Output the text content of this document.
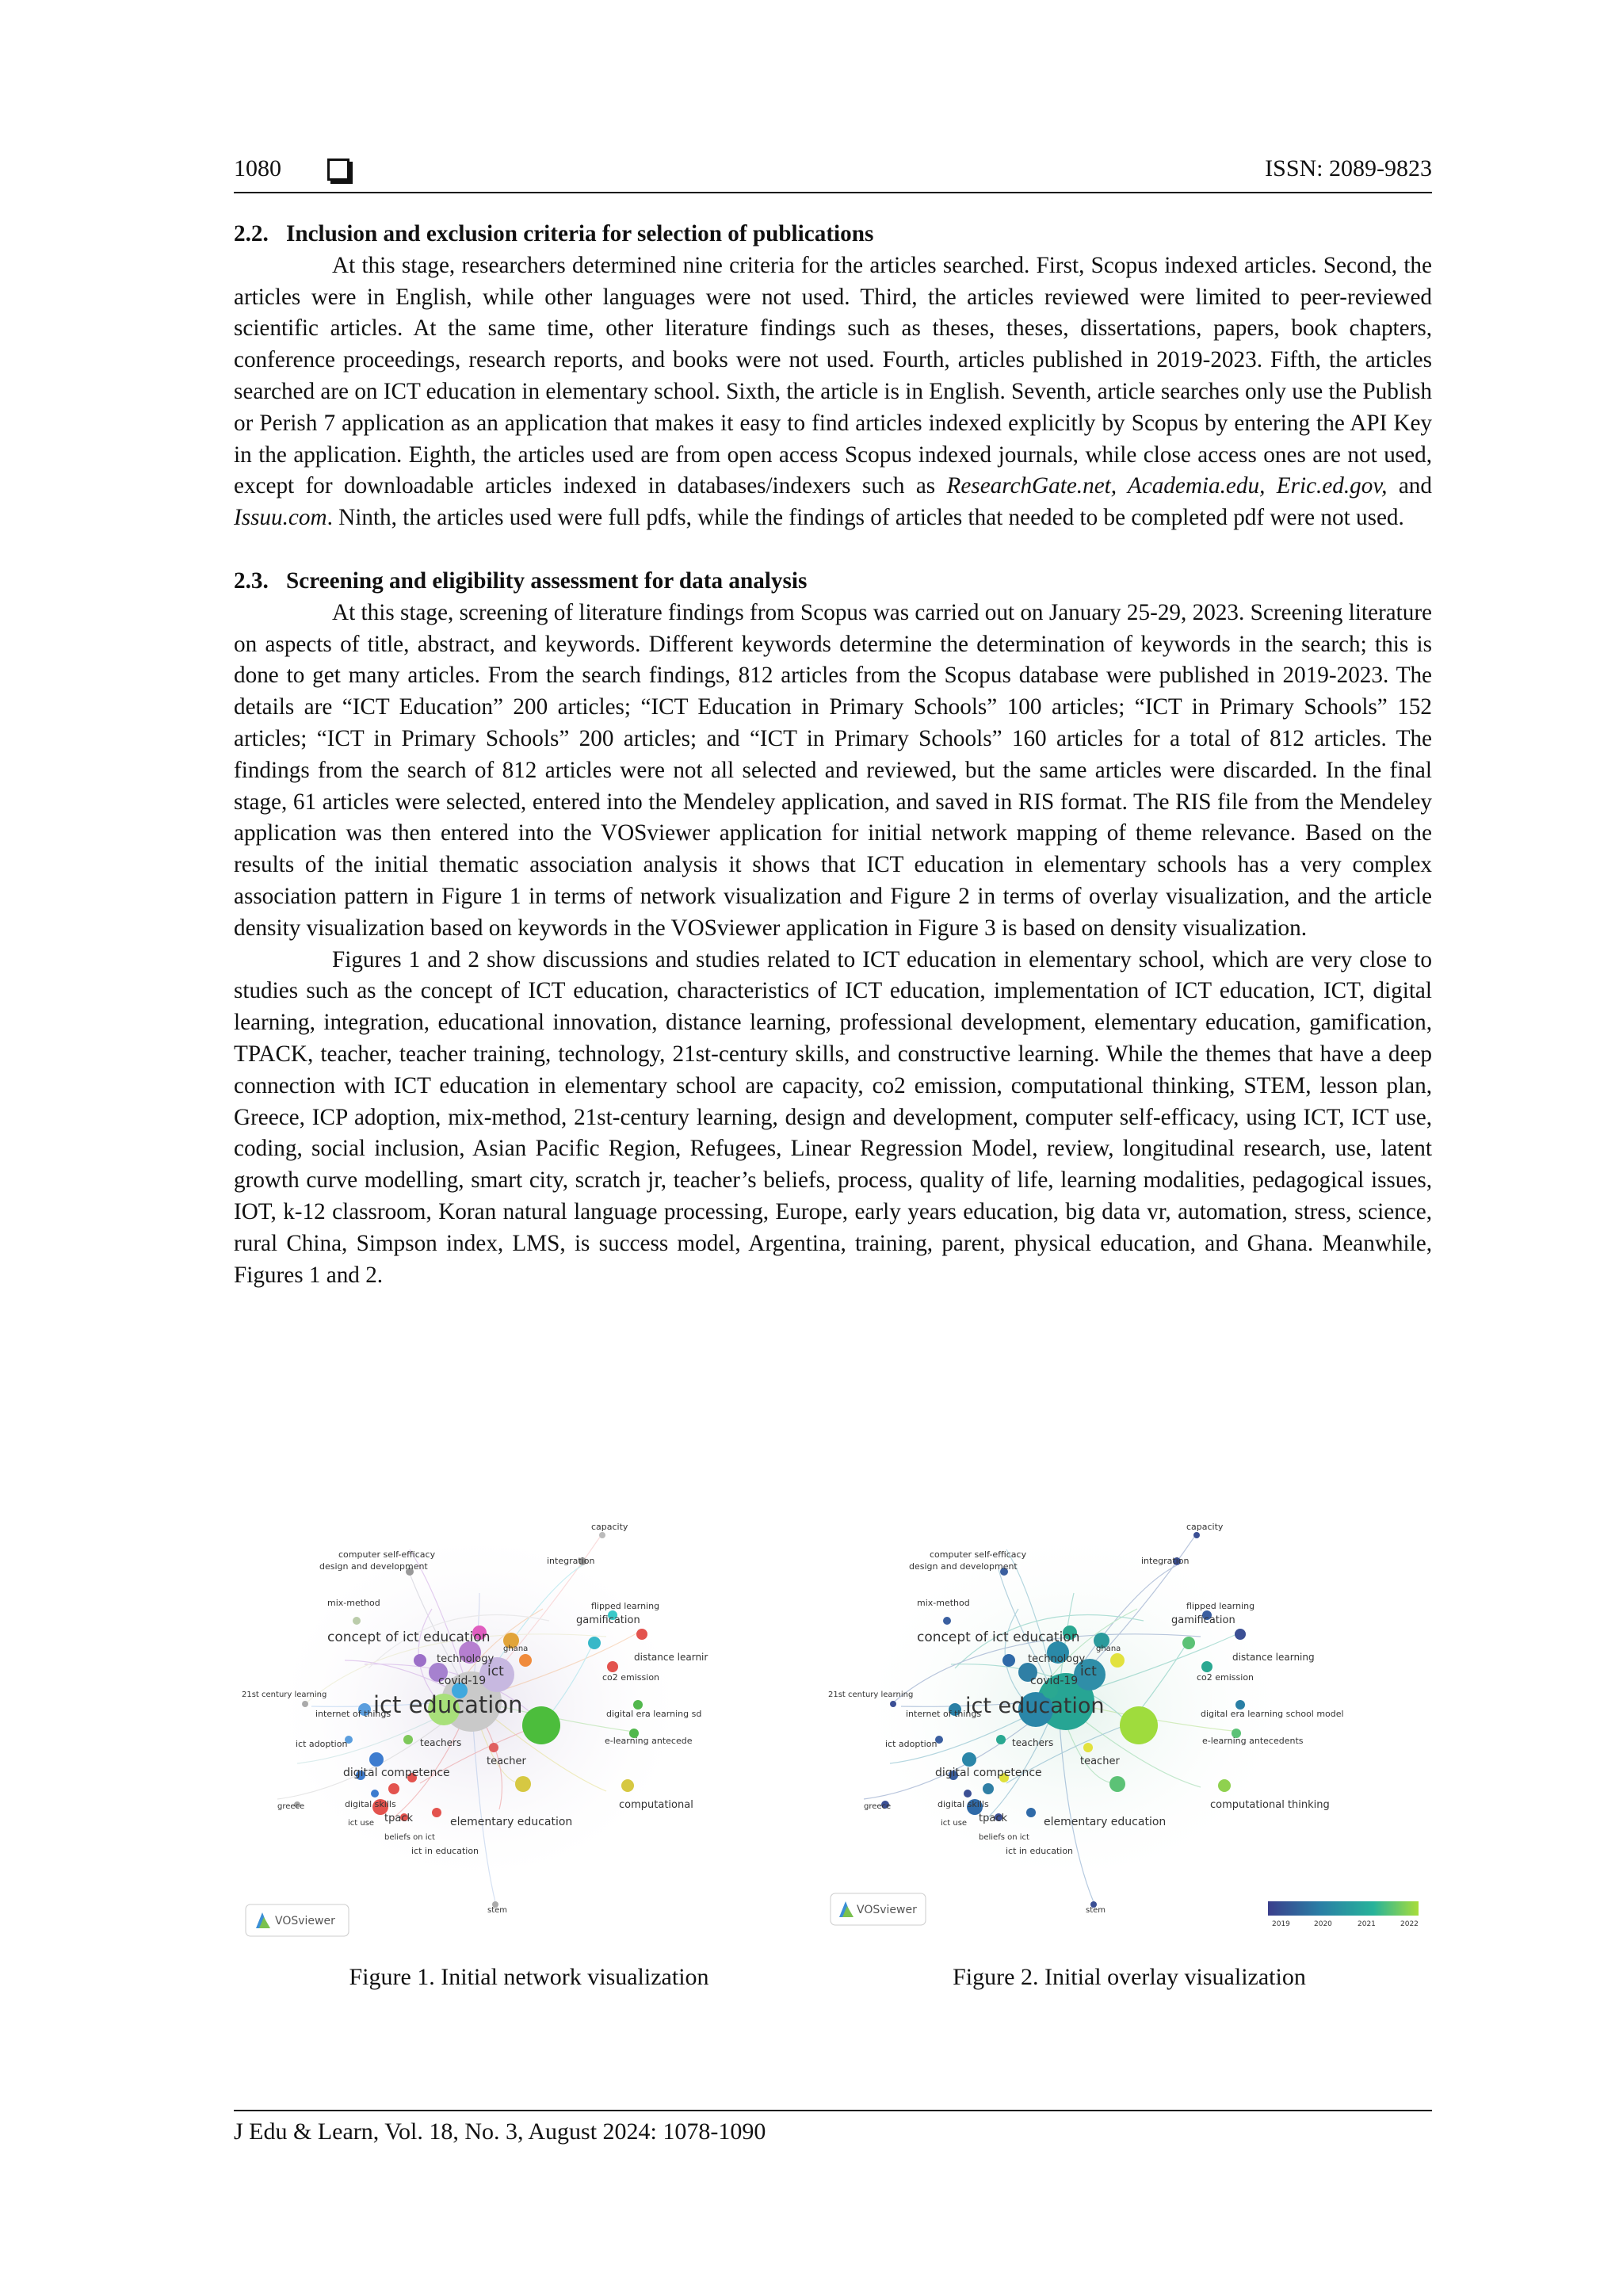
1080	ISSN: 2089-9823
2.2. Inclusion and exclusion criteria for selection of publications

At this stage, researchers determined nine criteria for the articles searched. First, Scopus indexed articles. Second, the articles were in English, while other languages were not used. Third, the articles reviewed were limited to peer-reviewed scientific articles. At the same time, other literature findings such as theses, theses, dissertations, papers, book chapters, conference proceedings, research reports, and books were not used. Fourth, articles published in 2019-2023. Fifth, the articles searched are on ICT education in elementary school. Sixth, the article is in English. Seventh, article searches only use the Publish or Perish 7 application as an application that makes it easy to find articles indexed explicitly by Scopus by entering the API Key in the application. Eighth, the articles used are from open access Scopus indexed journals, while close access ones are not used, except for downloadable articles indexed in databases/indexers such as ResearchGate.net, Academia.edu, Eric.ed.gov, and Issuu.com. Ninth, the articles used were full pdfs, while the findings of articles that needed to be completed pdf were not used.

2.3. Screening and eligibility assessment for data analysis

At this stage, screening of literature findings from Scopus was carried out on January 25-29, 2023. Screening literature on aspects of title, abstract, and keywords. Different keywords determine the determination of keywords in the search; this is done to get many articles. From the search findings, 812 articles from the Scopus database were published in 2019-2023. The details are “ICT Education” 200 articles; “ICT Education in Primary Schools” 100 articles; “ICT in Primary Schools” 152 articles; “ICT in Primary Schools” 200 articles; and “ICT in Primary Schools” 160 articles for a total of 812 articles. The findings from the search of 812 articles were not all selected and reviewed, but the same articles were discarded. In the final stage, 61 articles were selected, entered into the Mendeley application, and saved in RIS format. The RIS file from the Mendeley application was then entered into the VOSviewer application for initial network mapping of theme relevance. Based on the results of the initial thematic association analysis it shows that ICT education in elementary schools has a very complex association pattern in Figure 1 in terms of network visualization and Figure 2 in terms of overlay visualization, and the article density visualization based on keywords in the VOSviewer application in Figure 3 is based on density visualization.

Figures 1 and 2 show discussions and studies related to ICT education in elementary school, which are very close to studies such as the concept of ICT education, characteristics of ICT education, implementation of ICT education, ICT, digital learning, integration, educational innovation, distance learning, professional development, elementary education, gamification, TPACK, teacher, teacher training, technology, 21st-century skills, and constructive learning. While the themes that have a deep connection with ICT education in elementary school are capacity, co2 emission, computational thinking, STEM, lesson plan, Greece, ICP adoption, mix-method, 21st-century learning, design and development, computer self-efficacy, using ICT, ICT use, coding, social inclusion, Asian Pacific Region, Refugees, Linear Regression Model, review, longitudinal research, use, latent growth curve modelling, smart city, scratch jr, teacher’s beliefs, process, quality of life, learning modalities, pedagogical issues, IOT, k-12 classroom, Koran natural language processing, Europe, early years education, big data vr, automation, stress, science, rural China, Simpson index, LMS, is success model, Argentina, training, parent, physical education, and Ghana. Meanwhile, Figures 1 and 2.

capacity
computer self-efficacy
design and development
integration
flipped learning
mix-method
gamification
concept of ict education
ghana
distance learnir
technology
ict
covid-19	co2 emission
21st century learning
internet of things
ict education	digital era learning sd
ict adoption	teachers	e-learning antecede
teacher
digital competence
greece	computational
digital skills
ict use tpack	elementary education
beliefs on ict
ict in education
stem
VOSviewer
capacity
computer self-efficacy
design and development
integration
flipped learning
mix-method
gamification
concept of ict education
ghana
distance learning
technology
ict
covid-19	co2 emission
21st century learning
internet of things
ict education	digital era learning school model
ict adoption	teachers	e-learning antecedents
teacher
digital competence
greece	computational thinking
digital skills
ict use tpack	elementary education
beliefs on ict
ict in education
stem
VOSviewer
2019	2020	2021	2022
Figure 1. Initial network visualization	Figure 2. Initial overlay visualization
J Edu & Learn, Vol. 18, No. 3, August 2024: 1078-1090
